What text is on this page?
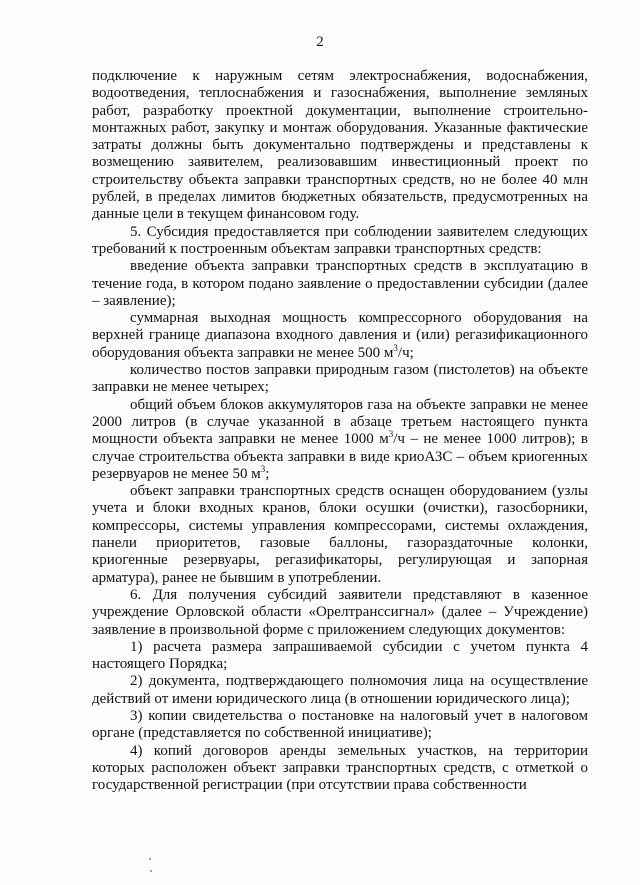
2

подключение к наружным сетям электроснабжения, водоснабжения, водоотведения, теплоснабжения и газоснабжения, выполнение земляных работ, разработку проектной документации, выполнение строительно-монтажных работ, закупку и монтаж оборудования. Указанные фактические затраты должны быть документально подтверждены и представлены к возмещению заявителем, реализовавшим инвестиционный проект по строительству объекта заправки транспортных средств, но не более 40 млн рублей, в пределах лимитов бюджетных обязательств, предусмотренных на данные цели в текущем финансовом году.

5. Субсидия предоставляется при соблюдении заявителем следующих требований к построенным объектам заправки транспортных средств:

введение объекта заправки транспортных средств в эксплуатацию в течение года, в котором подано заявление о предоставлении субсидии (далее – заявление);

суммарная выходная мощность компрессорного оборудования на верхней границе диапазона входного давления и (или) регазификационного оборудования объекта заправки не менее 500 $м^3/ч$;

количество постов заправки природным газом (пистолетов) на объекте заправки не менее четырех;

общий объем блоков аккумуляторов газа на объекте заправки не менее 2000 литров (в случае указанной в абзаце третьем настоящего пункта мощности объекта заправки не менее 1000 $м^3/ч$ – не менее 1000 литров); в случае строительства объекта заправки в виде криоАЗС – объем криогенных резервуаров не менее 50 $м^3$;

объект заправки транспортных средств оснащен оборудованием (узлы учета и блоки входных кранов, блоки осушки (очистки), газосборники, компрессоры, системы управления компрессорами, системы охлаждения, панели приоритетов, газовые баллоны, газораздаточные колонки, криогенные резервуары, регазификаторы, регулирующая и запорная арматура), ранее не бывшим в употреблении.

6. Для получения субсидий заявители представляют в казенное учреждение Орловской области «Орелтранссигнал» (далее – Учреждение) заявление в произвольной форме с приложением следующих документов:

1) расчета размера запрашиваемой субсидии с учетом пункта 4 настоящего Порядка;

2) документа, подтверждающего полномочия лица на осуществление действий от имени юридического лица (в отношении юридического лица);

3) копии свидетельства о постановке на налоговый учет в налоговом органе (представляется по собственной инициативе);

4) копий договоров аренды земельных участков, на территории которых расположен объект заправки транспортных средств, с отметкой о государственной регистрации (при отсутствии права собственности
